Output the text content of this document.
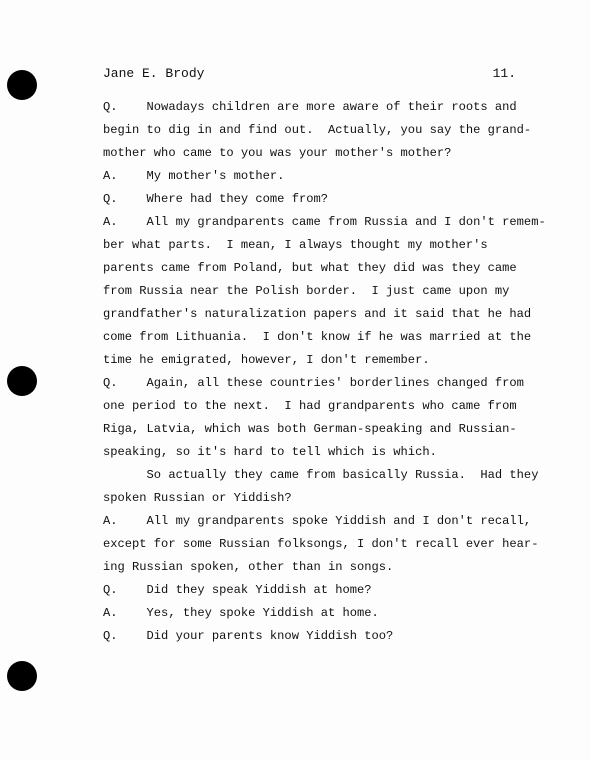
Jane E. Brody	11.
Q.    Nowadays children are more aware of their roots and
begin to dig in and find out.  Actually, you say the grand-
mother who came to you was your mother's mother?
A.    My mother's mother.
Q.    Where had they come from?
A.    All my grandparents came from Russia and I don't remem-
ber what parts.  I mean, I always thought my mother's
parents came from Poland, but what they did was they came
from Russia near the Polish border.  I just came upon my
grandfather's naturalization papers and it said that he had
come from Lithuania.  I don't know if he was married at the
time he emigrated, however, I don't remember.
Q.    Again, all these countries' borderlines changed from
one period to the next.  I had grandparents who came from
Riga, Latvia, which was both German-speaking and Russian-
speaking, so it's hard to tell which is which.
So actually they came from basically Russia.  Had they
spoken Russian or Yiddish?
A.    All my grandparents spoke Yiddish and I don't recall,
except for some Russian folksongs, I don't recall ever hear-
ing Russian spoken, other than in songs.
Q.    Did they speak Yiddish at home?
A.    Yes, they spoke Yiddish at home.
Q.    Did your parents know Yiddish too?
